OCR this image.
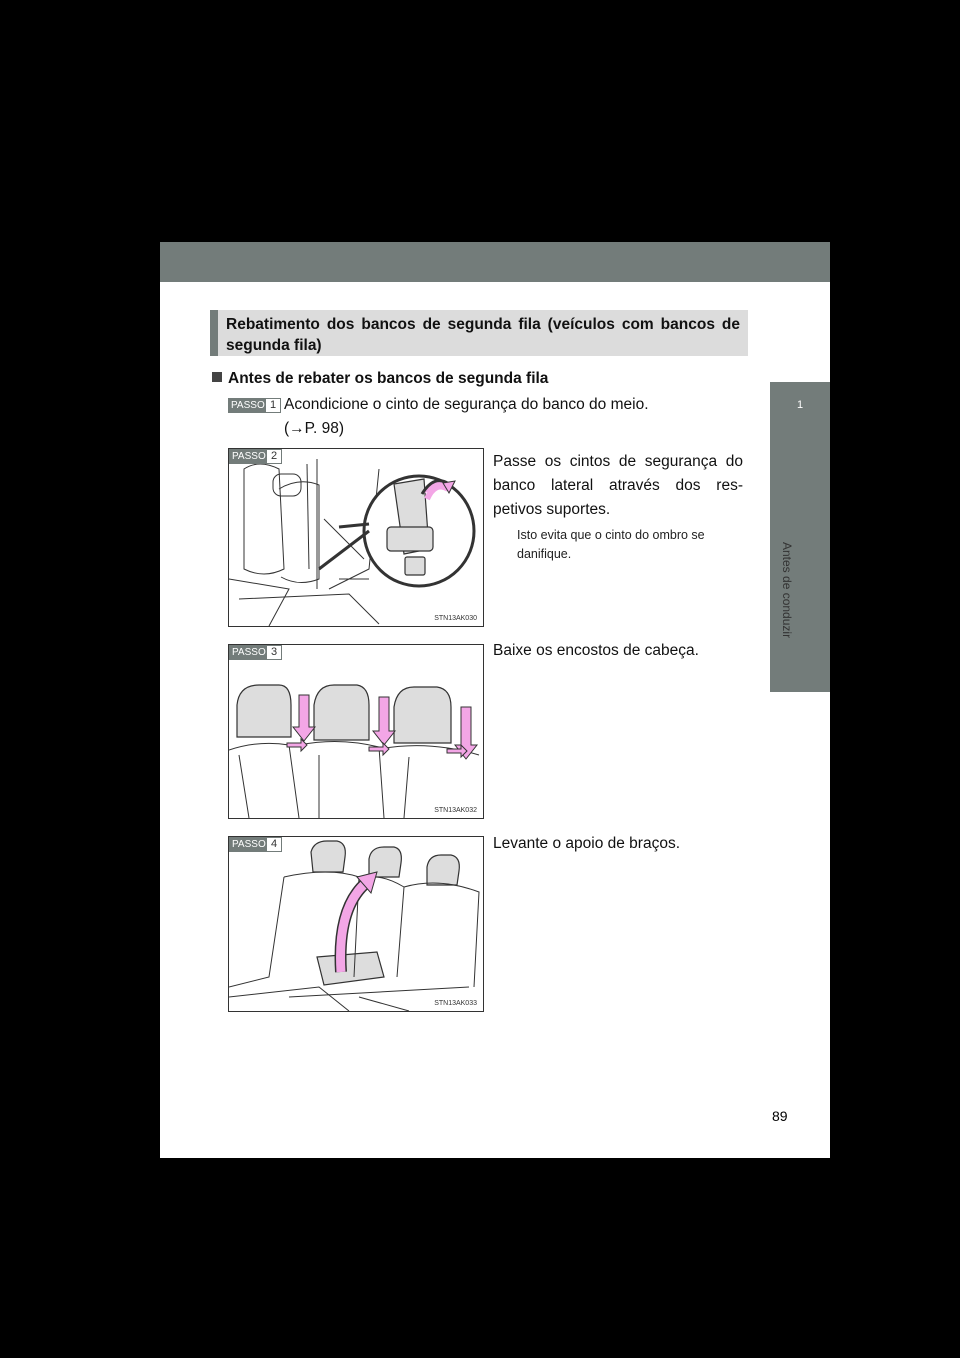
1
Antes de conduzir
Rebatimento dos bancos de segunda fila (veículos com bancos de segunda fila)
Antes de rebater os bancos de segunda fila
PASSO 1 Acondicione o cinto de segurança do banco do meio.
(→P. 98)
STN13AK030
PASSO 2	Passe os cintos de segurança do banco lateral através dos res-petivos suportes.
Isto evita que o cinto do ombro se danifique.
STN13AK032
PASSO 3	Baixe os encostos de cabeça.
STN13AK033
PASSO 4	Levante o apoio de braços.
89
